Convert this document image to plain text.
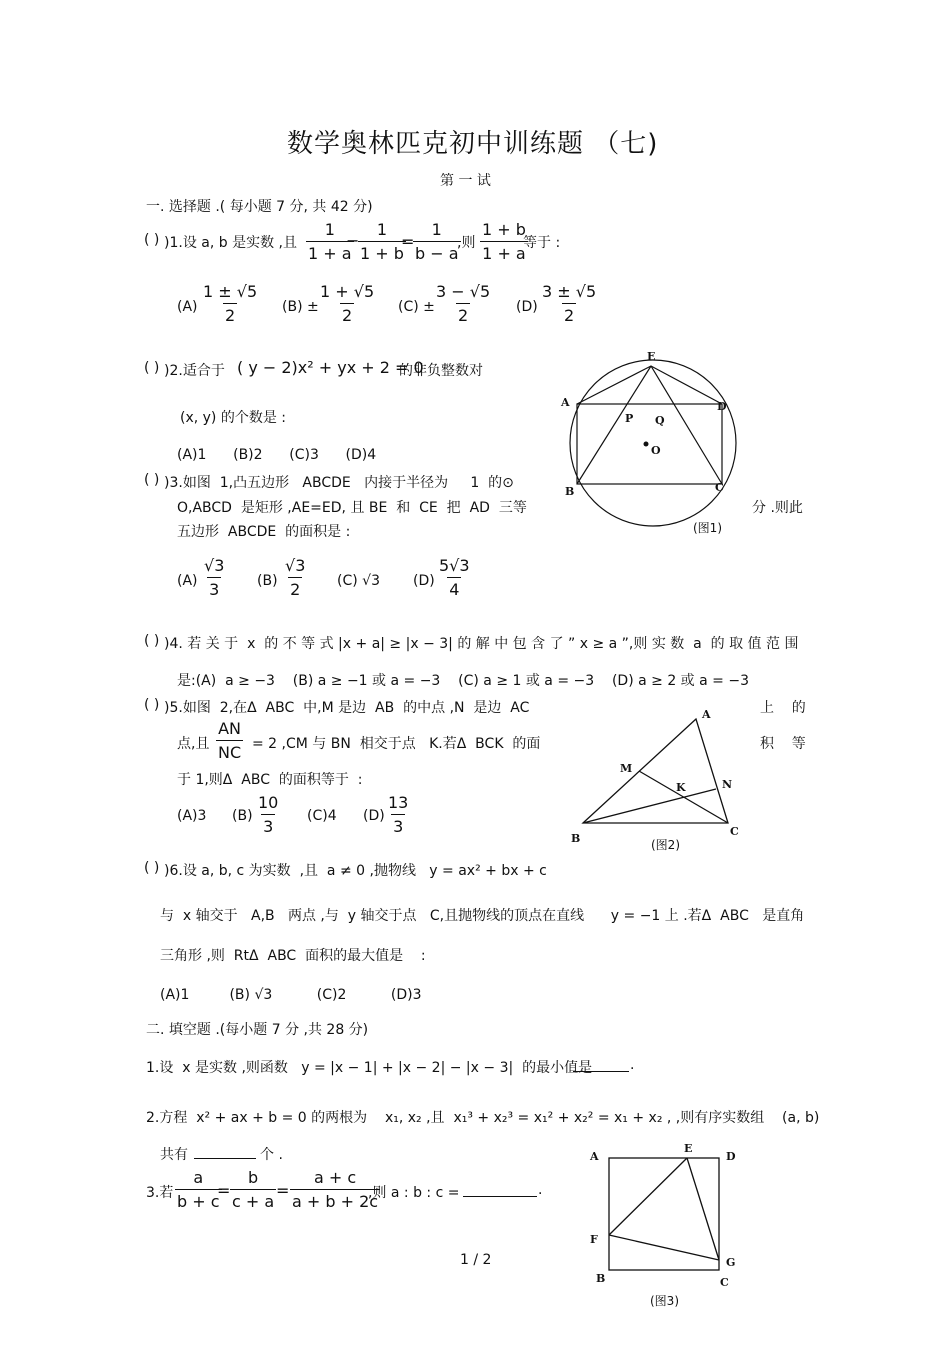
数学奥林匹克初中训练题 （七)
第 一 试
一. 选择题 .( 每小题 7 分, 共 42 分)
( ) )1.设 a, b 是实数 ,且 $\frac{1}{1 + a}$
−
$\frac{1}{1 + b}$
=
$\frac{1}{b - a}$
,则 $\frac{1 + b}{1 + a}$
等于 :
$(A) \frac{1 \pm √5}{2} (B) \pm \frac{1 + √5}{2} (C) \pm \frac{3 - √5}{2} (D) \frac{3 \pm √5}{2}$
( ) )2.适合于 ( y − 2)x² + yx + 2 = 0
的非负整数对
(x, y) 的个数是 :
(A)1      (B)2      (C)3      (D)4
( ) )3.如图  1,凸五边形   ABCDE   内接于半径为     1  的⊙
O,ABCD  是矩形 ,AE=ED, 且 BE  和  CE  把  AD  三等	分 .则此
五边形  ABCDE  的面积是 :
$(A) \frac{√3}{3} (B) \frac{√3}{2} (C)$ √3 $(D) \frac{5√3}{4}$
( ) )4. 若 关 于  x  的 不 等 式 |x + a| ≥ |x − 3| 的 解 中 包 含 了 ” x ≥ a ”,则 实 数  a  的 取 值 范 围
是:(A)  a ≥ −3    (B) a ≥ −1 或 a = −3    (C) a ≥ 1 或 a = −3    (D) a ≥ 2 或 a = −3
( ) )5.如图  2,在Δ  ABC  中,M 是边  AB  的中点 ,N  是边  AC	上    的
点,且 $\frac{AN}{NC} = 2$ ,CM 与 BN  相交于点   K.若Δ  BCK  的面	积    等
于 1,则Δ  ABC  的面积等于  :
(A)3 $(B) \frac{10}{3} (C)4$ $(D) \frac{13}{3}$
( ) )6.设 a, b, c 为实数  ,且  a ≠ 0 ,抛物线   y = ax² + bx + c
与  x 轴交于   A,B   两点 ,与  y 轴交于点   C,且抛物线的顶点在直线      y = −1 上 .若Δ  ABC   是直角
三角形 ,则  RtΔ  ABC  面积的最大值是    :
(A)1         (B) √3          (C)2          (D)3
二. 填空题 .(每小题 7 分 ,共 28 分)
1.设  x 是实数 ,则函数   y = |x − 1| + |x − 2| − |x − 3|  的最小值是	.
2.方程  x² + ax + b = 0 的两根为    x₁, x₂ ,且  x₁³ + x₂³ = x₁² + x₂² = x₁ + x₂ , ,则有序实数组    (a, b)
共有	个 .
3.若 $\frac{a}{b + c}$
= $\frac{b}{c + a} = \frac{a + c}{a + b + 2c}$
,则 a : b : c =	.
1 / 2
E
A	D
B	C
P Q
O
(图1)
A
B
C
M
N
K
(图2)
A
E
D
F
G
B	C
(图3)
